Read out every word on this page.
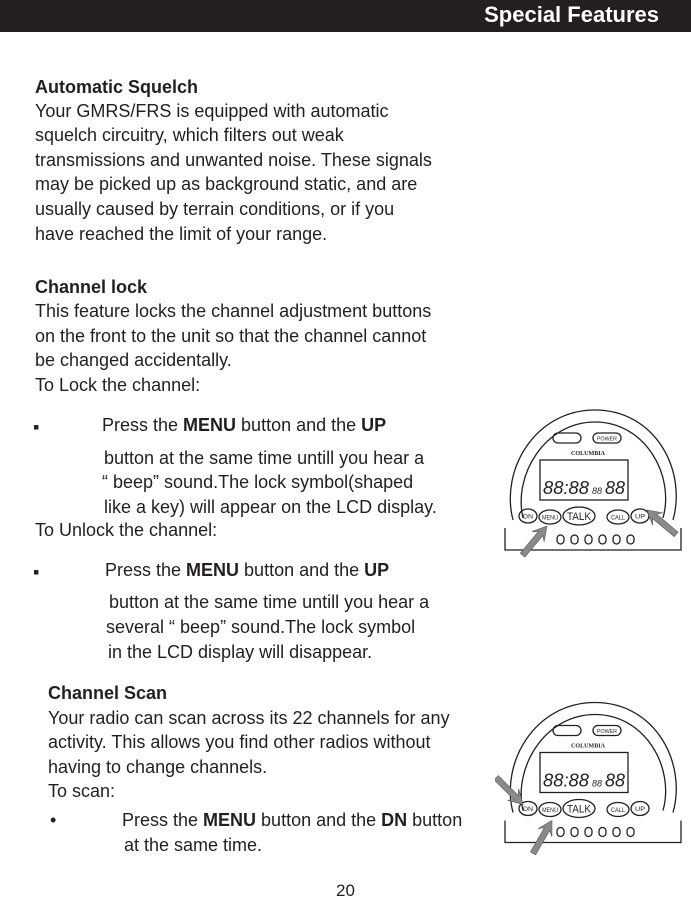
Special Features
Automatic Squelch
Your GMRS/FRS is equipped with automatic
squelch circuitry, which filters out weak
transmissions and unwanted noise. These signals
may be picked up as background static, and are
usually caused by terrain conditions, or if you
have reached the limit of your range.
Channel lock
This feature locks the channel adjustment buttons
on the front to the unit so that the channel cannot
be changed accidentally.
To Lock the channel:
▪	Press the MENU button and the UP
button at the same time untill you hear a
“ beep” sound.The lock symbol(shaped
like a key) will appear on the LCD display.
To Unlock the channel:
▪	Press the MENU button and the UP
button at the same time untill you hear a
several “ beep” sound.The lock symbol
in the LCD display will disappear.
Channel Scan
Your radio can scan across its 22 channels for any
activity. This allows you find other radios without
having to change channels.
To scan:
•	Press the MENU button and the DN button
at the same time.
POWER
COLUMBIA
88:88 88 88
DN MENU TALK	CALL UP
POWER
COLUMBIA
88:88 88 88
DN MENU TALK	CALL UP
20
